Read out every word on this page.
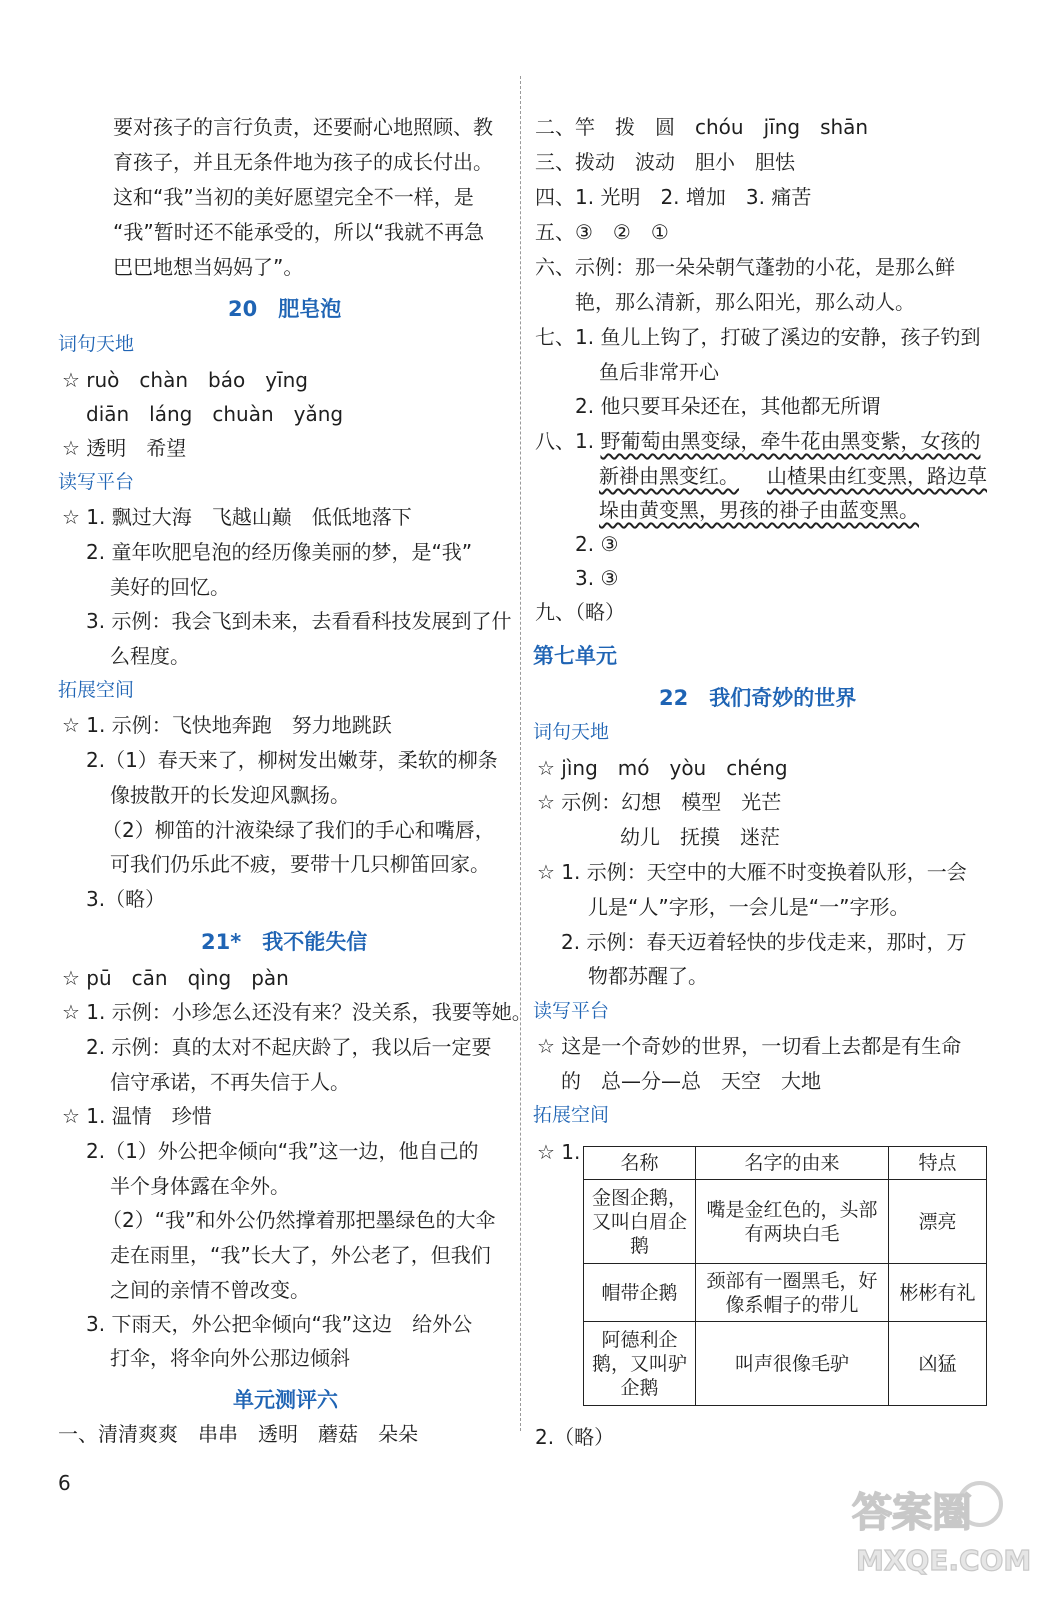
要对孩子的言行负责，还要耐心地照顾、教
育孩子，并且无条件地为孩子的成长付出。
这和“我”当初的美好愿望完全不一样，是
“我”暂时还不能承受的，所以“我就不再急
巴巴地想当妈妈了”。
20　肥皂泡
词句天地
☆ ruò　chàn　báo　yīng
diān　láng　chuàn　yǎng
☆ 透明　希望
读写平台
☆ 1. 飘过大海　飞越山巅　低低地落下
2. 童年吹肥皂泡的经历像美丽的梦，是“我”
美好的回忆。
3. 示例：我会飞到未来，去看看科技发展到了什
么程度。
拓展空间
☆ 1. 示例：飞快地奔跑　努力地跳跃
2.（1）春天来了，柳树发出嫩芽，柔软的柳条
像披散开的长发迎风飘扬。
（2）柳笛的汁液染绿了我们的手心和嘴唇，
可我们仍乐此不疲，要带十几只柳笛回家。
3.（略）
21*　我不能失信
☆ pū　cān　qìng　pàn
☆ 1. 示例：小珍怎么还没有来？没关系，我要等她。
2. 示例：真的太对不起庆龄了，我以后一定要
信守承诺，不再失信于人。
☆ 1. 温情　珍惜
2.（1）外公把伞倾向“我”这一边，他自己的
半个身体露在伞外。
（2）“我”和外公仍然撑着那把墨绿色的大伞
走在雨里，“我”长大了，外公老了，但我们
之间的亲情不曾改变。
3. 下雨天，外公把伞倾向“我”这边　给外公
打伞，将伞向外公那边倾斜
单元测评六
一、清清爽爽　串串　透明　蘑菇　朵朵
二、竿　拨　圆　chóu　jīng　shān
三、拨动　波动　胆小　胆怯
四、1. 光明　2. 增加　3. 痛苦
五、③　②　①
六、示例：那一朵朵朝气蓬勃的小花，是那么鲜
艳，那么清新，那么阳光，那么动人。
七、1. 鱼儿上钩了，打破了溪边的安静，孩子钓到
鱼后非常开心
2. 他只要耳朵还在，其他都无所谓
八、1. 野葡萄由黑变绿，牵牛花由黑变紫，女孩的
新褂由黑变红。 山楂果由红变黑，路边草
垛由黄变黑，男孩的褂子由蓝变黑。
2. ③
3. ③
九、（略）
第七单元
22　我们奇妙的世界
词句天地
☆ jìng　mó　yòu　chéng
☆ 示例：幻想　模型　光芒
幼儿　抚摸　迷茫
☆ 1. 示例：天空中的大雁不时变换着队形，一会
儿是“人”字形，一会儿是“一”字形。
2. 示例：春天迈着轻快的步伐走来，那时，万
物都苏醒了。
读写平台
☆ 这是一个奇妙的世界，一切看上去都是有生命
的　总—分—总　天空　大地
拓展空间
☆ 1.
2.（略）
名称	名字的由来	特点
金图企鹅，又叫白眉企鹅	嘴是金红色的，头部有两块白毛	漂亮
帽带企鹅	颈部有一圈黑毛，好像系帽子的带儿	彬彬有礼
阿德利企鹅，又叫驴企鹅	叫声很像毛驴	凶猛
6
答案圈
MXQE.COM
